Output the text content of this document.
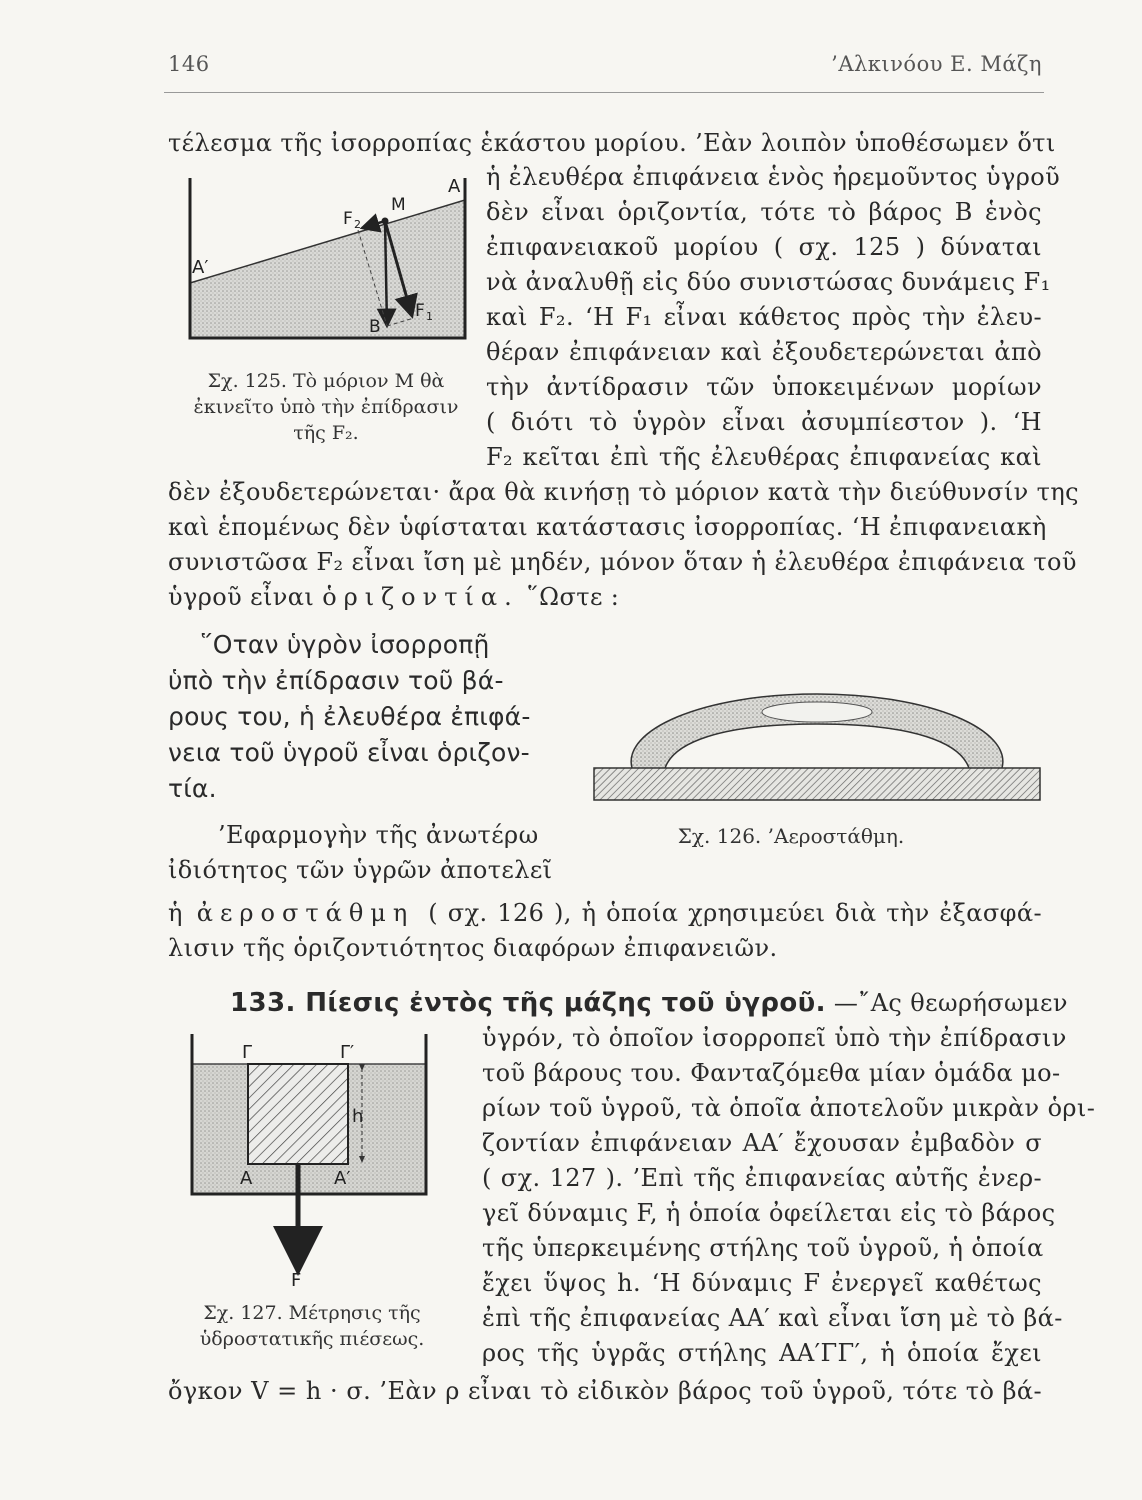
146	’Αλκινόου Ε. Μάζη
τέλεσμα τῆς ἰσορροπίας ἑκάστου μορίου. ’Εὰν λοιπὸν ὑποθέσωμεν ὅτι
A
A′
M
F 2
F 1
B
Σχ. 125. Τὸ μόριον Μ θὰ
ἐκινεῖτο ὑπὸ τὴν ἐπίδρασιν
τῆς F₂.
ἡ ἐλευθέρα ἐπιφάνεια ἑνὸς ἠρεμοῦντος ὑγροῦ
δὲν εἶναι ὁριζοντία, τότε τὸ βάρος Β ἑνὸς
ἐπιφανειακοῦ μορίου ( σχ. 125 ) δύναται
νὰ ἀναλυθῇ εἰς δύο συνιστώσας δυνάμεις F₁
καὶ F₂. ‘Η F₁ εἶναι κάθετος πρὸς τὴν ἐλευ-
θέραν ἐπιφάνειαν καὶ ἐξουδετερώνεται ἀπὸ
τὴν ἀντίδρασιν τῶν ὑποκειμένων μορίων
( διότι τὸ ὑγρὸν εἶναι ἀσυμπίεστον ). ‘Η
F₂ κεῖται ἐπὶ τῆς ἐλευθέρας ἐπιφανείας καὶ
δὲν ἐξουδετερώνεται· ἄρα θὰ κινήσῃ τὸ μόριον κατὰ τὴν διεύθυνσίν της
καὶ ἑπομένως δὲν ὑφίσταται κατάστασις ἰσορροπίας. ‘Η ἐπιφανειακὴ
συνιστῶσα F₂ εἶναι ἴση μὲ μηδέν, μόνον ὅταν ἡ ἐλευθέρα ἐπιφάνεια τοῦ
ὑγροῦ εἶναι ὁριζοντία. ῞Ωστε :
῞Οταν ὑγρὸν ἰσορροπῇ
ὑπὸ τὴν ἐπίδρασιν τοῦ βά-
ρους του, ἡ ἐλευθέρα ἐπιφά-
νεια τοῦ ὑγροῦ εἶναι ὁριζον-
τία.
Σχ. 126. ’Αεροστάθμη.
’Εφαρμογὴν τῆς ἀνωτέρω
ἰδιότητος τῶν ὑγρῶν ἀποτελεῖ
ἡ ἀεροστάθμη ( σχ. 126 ), ἡ ὁποία χρησιμεύει διὰ τὴν ἐξασφά-
λισιν τῆς ὁριζοντιότητος διαφόρων ἐπιφανειῶν.
133. Πίεσις ἐντὸς τῆς μάζης τοῦ ὑγροῦ. —῎Ας θεωρήσωμεν
Γ	Γ′
h
A	A′
F
Σχ. 127. Μέτρησις τῆς
ὑδροστατικῆς πιέσεως.
ὑγρόν, τὸ ὁποῖον ἰσορροπεῖ ὑπὸ τὴν ἐπίδρασιν
τοῦ βάρους του. Φανταζόμεθα μίαν ὁμάδα μο-
ρίων τοῦ ὑγροῦ, τὰ ὁποῖα ἀποτελοῦν μικρὰν ὁρι-
ζοντίαν ἐπιφάνειαν ΑΑ′ ἔχουσαν ἐμβαδὸν σ
( σχ. 127 ). ’Επὶ τῆς ἐπιφανείας αὐτῆς ἐνερ-
γεῖ δύναμις F, ἡ ὁποία ὀφείλεται εἰς τὸ βάρος
τῆς ὑπερκειμένης στήλης τοῦ ὑγροῦ, ἡ ὁποία
ἔχει ὕψος h. ‘Η δύναμις F ἐνεργεῖ καθέτως
ἐπὶ τῆς ἐπιφανείας ΑΑ′ καὶ εἶναι ἴση μὲ τὸ βά-
ρος τῆς ὑγρᾶς στήλης ΑΑ′ΓΓ′, ἡ ὁποία ἔχει
ὄγκον V = h · σ. ’Εὰν ρ εἶναι τὸ εἰδικὸν βάρος τοῦ ὑγροῦ, τότε τὸ βά-
